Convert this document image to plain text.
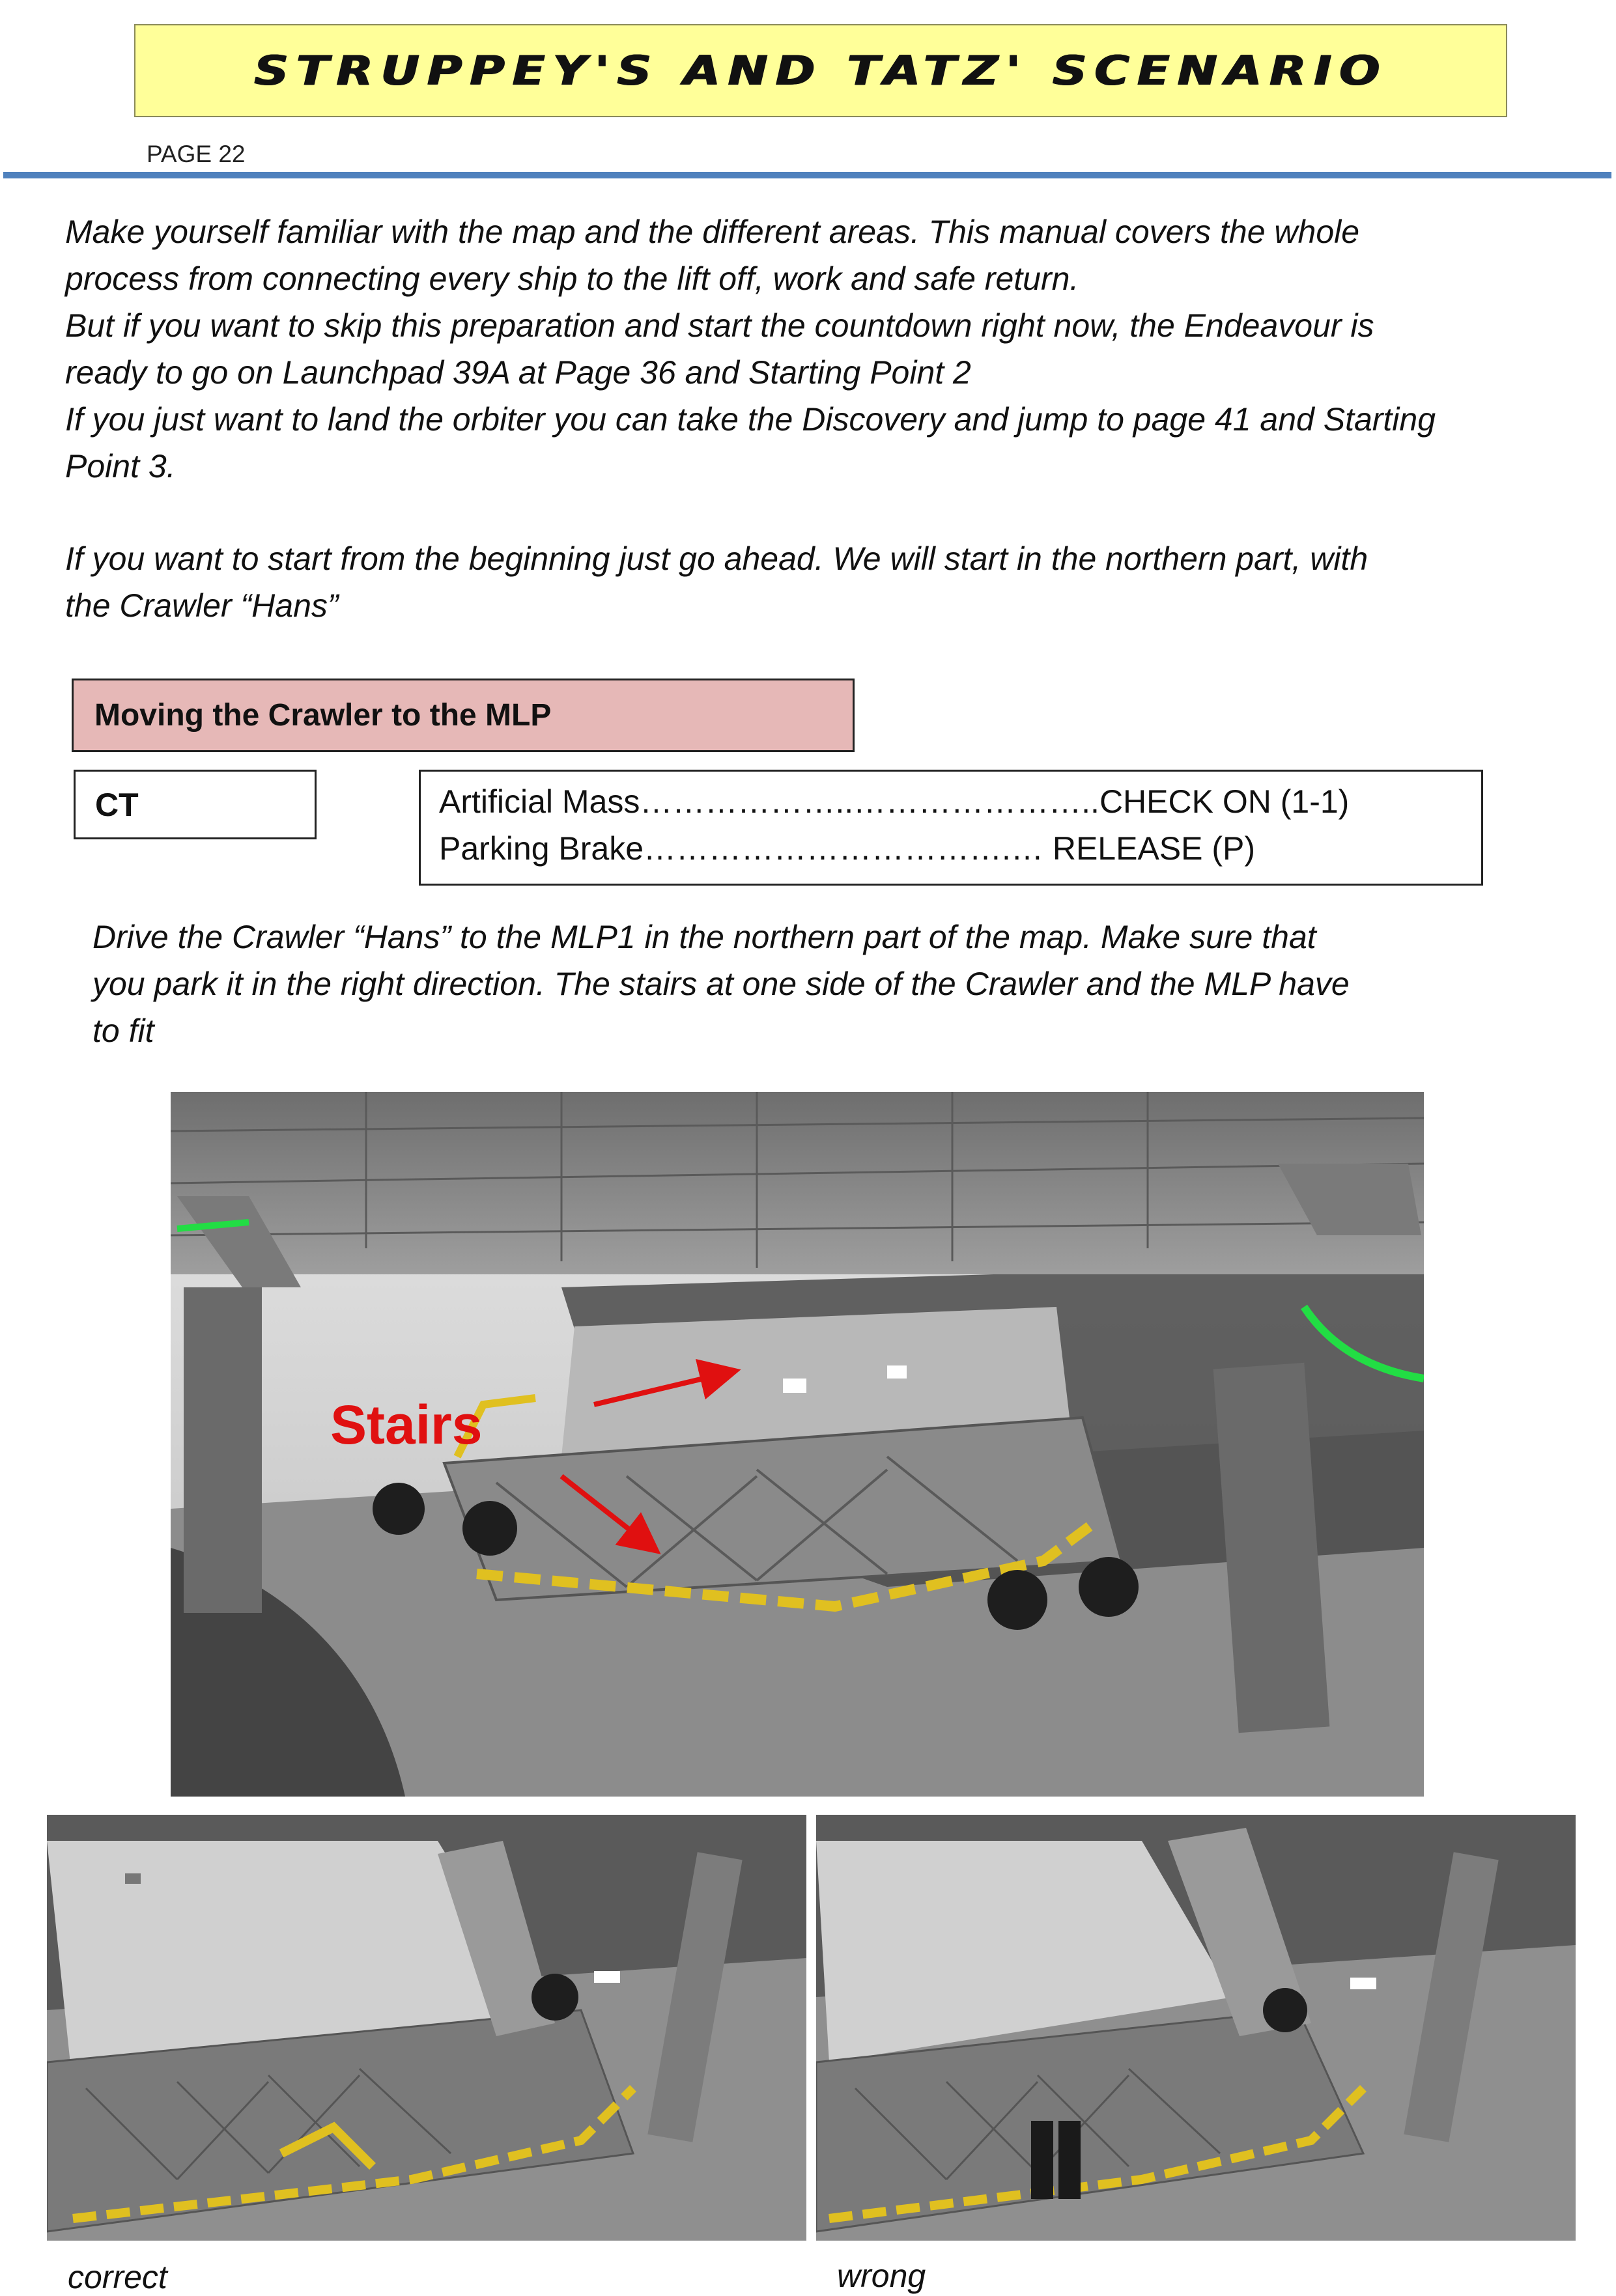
STRUPPEY'S AND TATZ' SCENARIO
PAGE 22
Make yourself familiar with the map and the different areas. This manual covers the whole
process from connecting every ship to the lift off, work and safe return.
But if you want to skip this preparation and start the countdown right now, the Endeavour is
ready to go on Launchpad 39A at Page 36 and Starting Point 2
If you just want to land the orbiter you can take the Discovery and jump to page 41 and Starting
Point 3.
If you want to start from the beginning just go ahead. We will start in the northern part, with
the Crawler “Hans”
Moving the Crawler to the MLP
CT	Artificial Mass………………..…………………..CHECK ON (1-1)
Parking Brake…………………………….… RELEASE (P)
Drive the Crawler “Hans” to the MLP1 in the northern part of the map. Make sure that
you park it in the right direction. The stairs at one side of the Crawler and the MLP have
to fit
Stairs
correct	wrong
